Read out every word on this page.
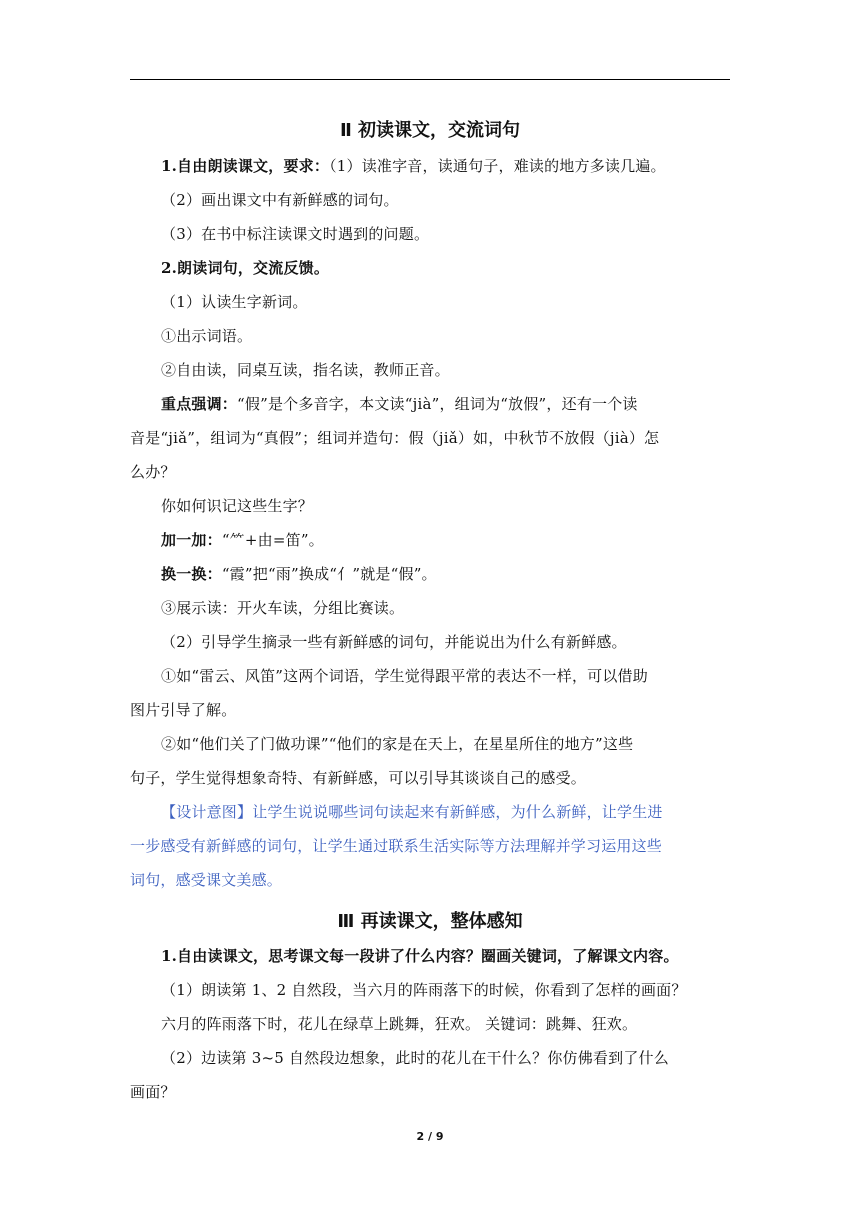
Ⅱ 初读课文，交流词句
1.自由朗读课文，要求：（1）读准字音，读通句子，难读的地方多读几遍。
（2）画出课文中有新鲜感的词句。
（3）在书中标注读课文时遇到的问题。
2.朗读词句，交流反馈。
（1）认读生字新词。
①出示词语。
②自由读，同桌互读，指名读，教师正音。
重点强调：“假”是个多音字，本文读“jià”，组词为“放假”，还有一个读
音是“jiǎ”，组词为“真假”；组词并造句：假（jiǎ）如，中秋节不放假（jià）怎
么办？
你如何识记这些生字？
加一加：“⺮+由=笛”。
换一换：“霞”把“雨”换成“亻”就是“假”。
③展示读：开火车读，分组比赛读。
（2）引导学生摘录一些有新鲜感的词句，并能说出为什么有新鲜感。
①如“雷云、风笛”这两个词语，学生觉得跟平常的表达不一样，可以借助
图片引导了解。
②如“他们关了门做功课”“他们的家是在天上，在星星所住的地方”这些
句子，学生觉得想象奇特、有新鲜感，可以引导其谈谈自己的感受。
【设计意图】让学生说说哪些词句读起来有新鲜感，为什么新鲜，让学生进
一步感受有新鲜感的词句，让学生通过联系生活实际等方法理解并学习运用这些
词句，感受课文美感。
Ⅲ 再读课文，整体感知
1.自由读课文，思考课文每一段讲了什么内容？圈画关键词，了解课文内容。
（1）朗读第 1、2 自然段，当六月的阵雨落下的时候，你看到了怎样的画面？
六月的阵雨落下时，花儿在绿草上跳舞，狂欢。 关键词：跳舞、狂欢。
（2）边读第 3~5 自然段边想象，此时的花儿在干什么？你仿佛看到了什么
画面？
2 / 9
